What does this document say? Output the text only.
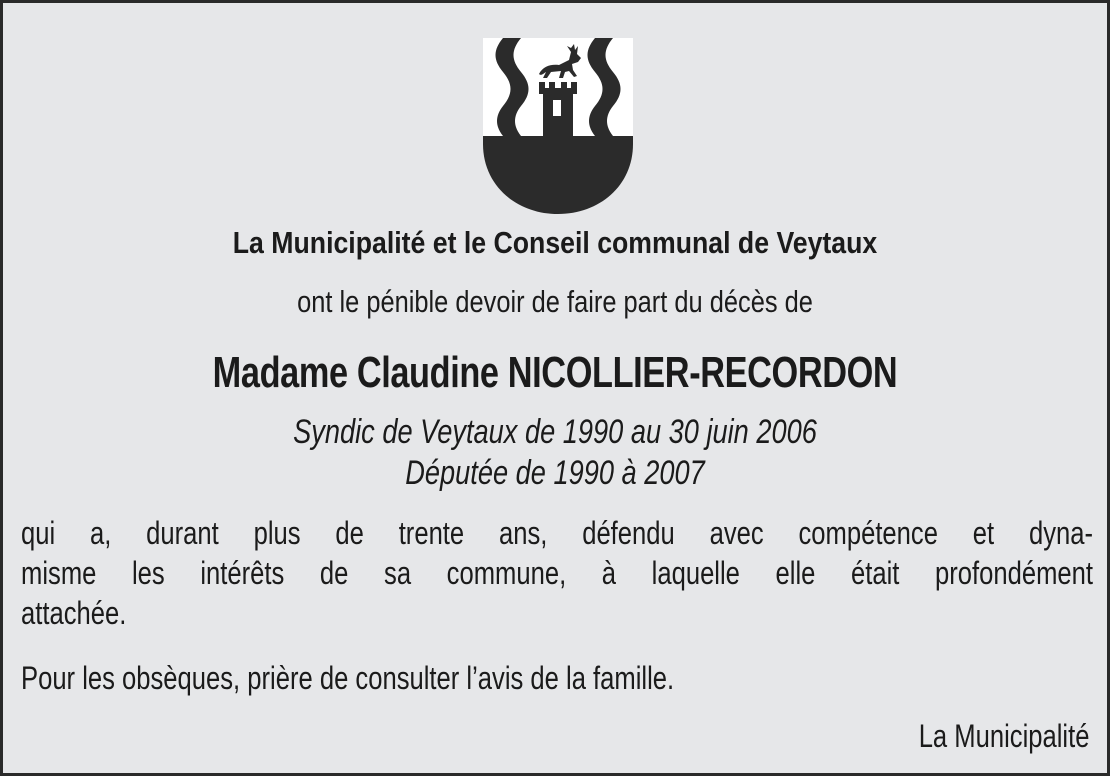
La Municipalité et le Conseil communal de Veytaux
ont le pénible devoir de faire part du décès de
Madame Claudine NICOLLIER-RECORDON
Syndic de Veytaux de 1990 au 30 juin 2006
Députée de 1990 à 2007
qui a, durant plus de trente ans, défendu avec compétence et dyna-
misme les intérêts de sa commune, à laquelle elle était profondément
attachée.
Pour les obsèques, prière de consulter l’avis de la famille.
La Municipalité
